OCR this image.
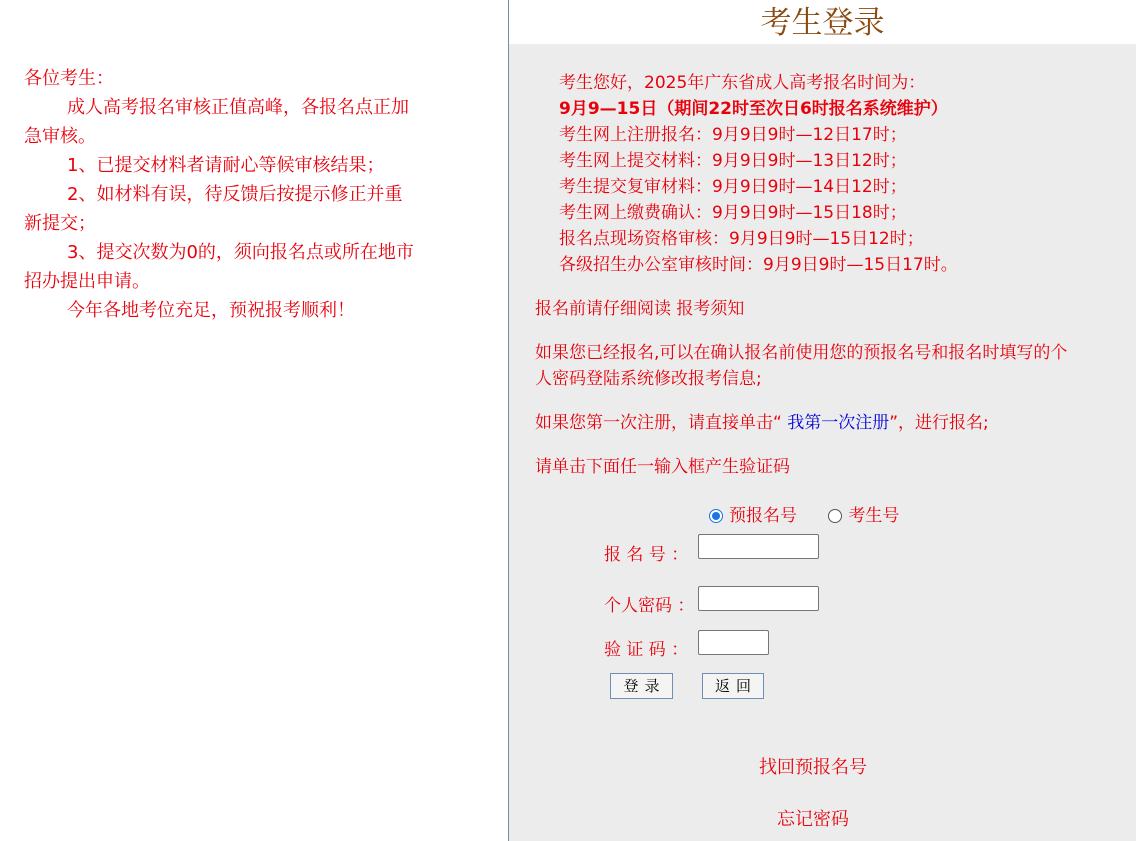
各位考生：
成人高考报名审核正值高峰，各报名点正加急审核。
1、已提交材料者请耐心等候审核结果；
2、如材料有误，待反馈后按提示修正并重新提交；
3、提交次数为0的，须向报名点或所在地市招办提出申请。
今年各地考位充足，预祝报考顺利！
考生登录
考生您好，2025年广东省成人高考报名时间为：
9月9—15日（期间22时至次日6时报名系统维护）
考生网上注册报名：9月9日9时—12日17时；
考生网上提交材料：9月9日9时—13日12时；
考生提交复审材料：9月9日9时—14日12时；
考生网上缴费确认：9月9日9时—15日18时；
报名点现场资格审核：9月9日9时—15日12时；
各级招生办公室审核时间：9月9日9时—15日17时。
报名前请仔细阅读 报考须知
如果您已经报名,可以在确认报名前使用您的预报名号和报名时填写的个人密码登陆系统修改报考信息;
如果您第一次注册，请直接单击“ 我第一次注册”，进行报名;
请单击下面任一输入框产生验证码
预报名号
	考生号
报 名 号 ：
个人密码 ：
验 证 码 ：
登录	返回
找回预报名号
忘记密码
